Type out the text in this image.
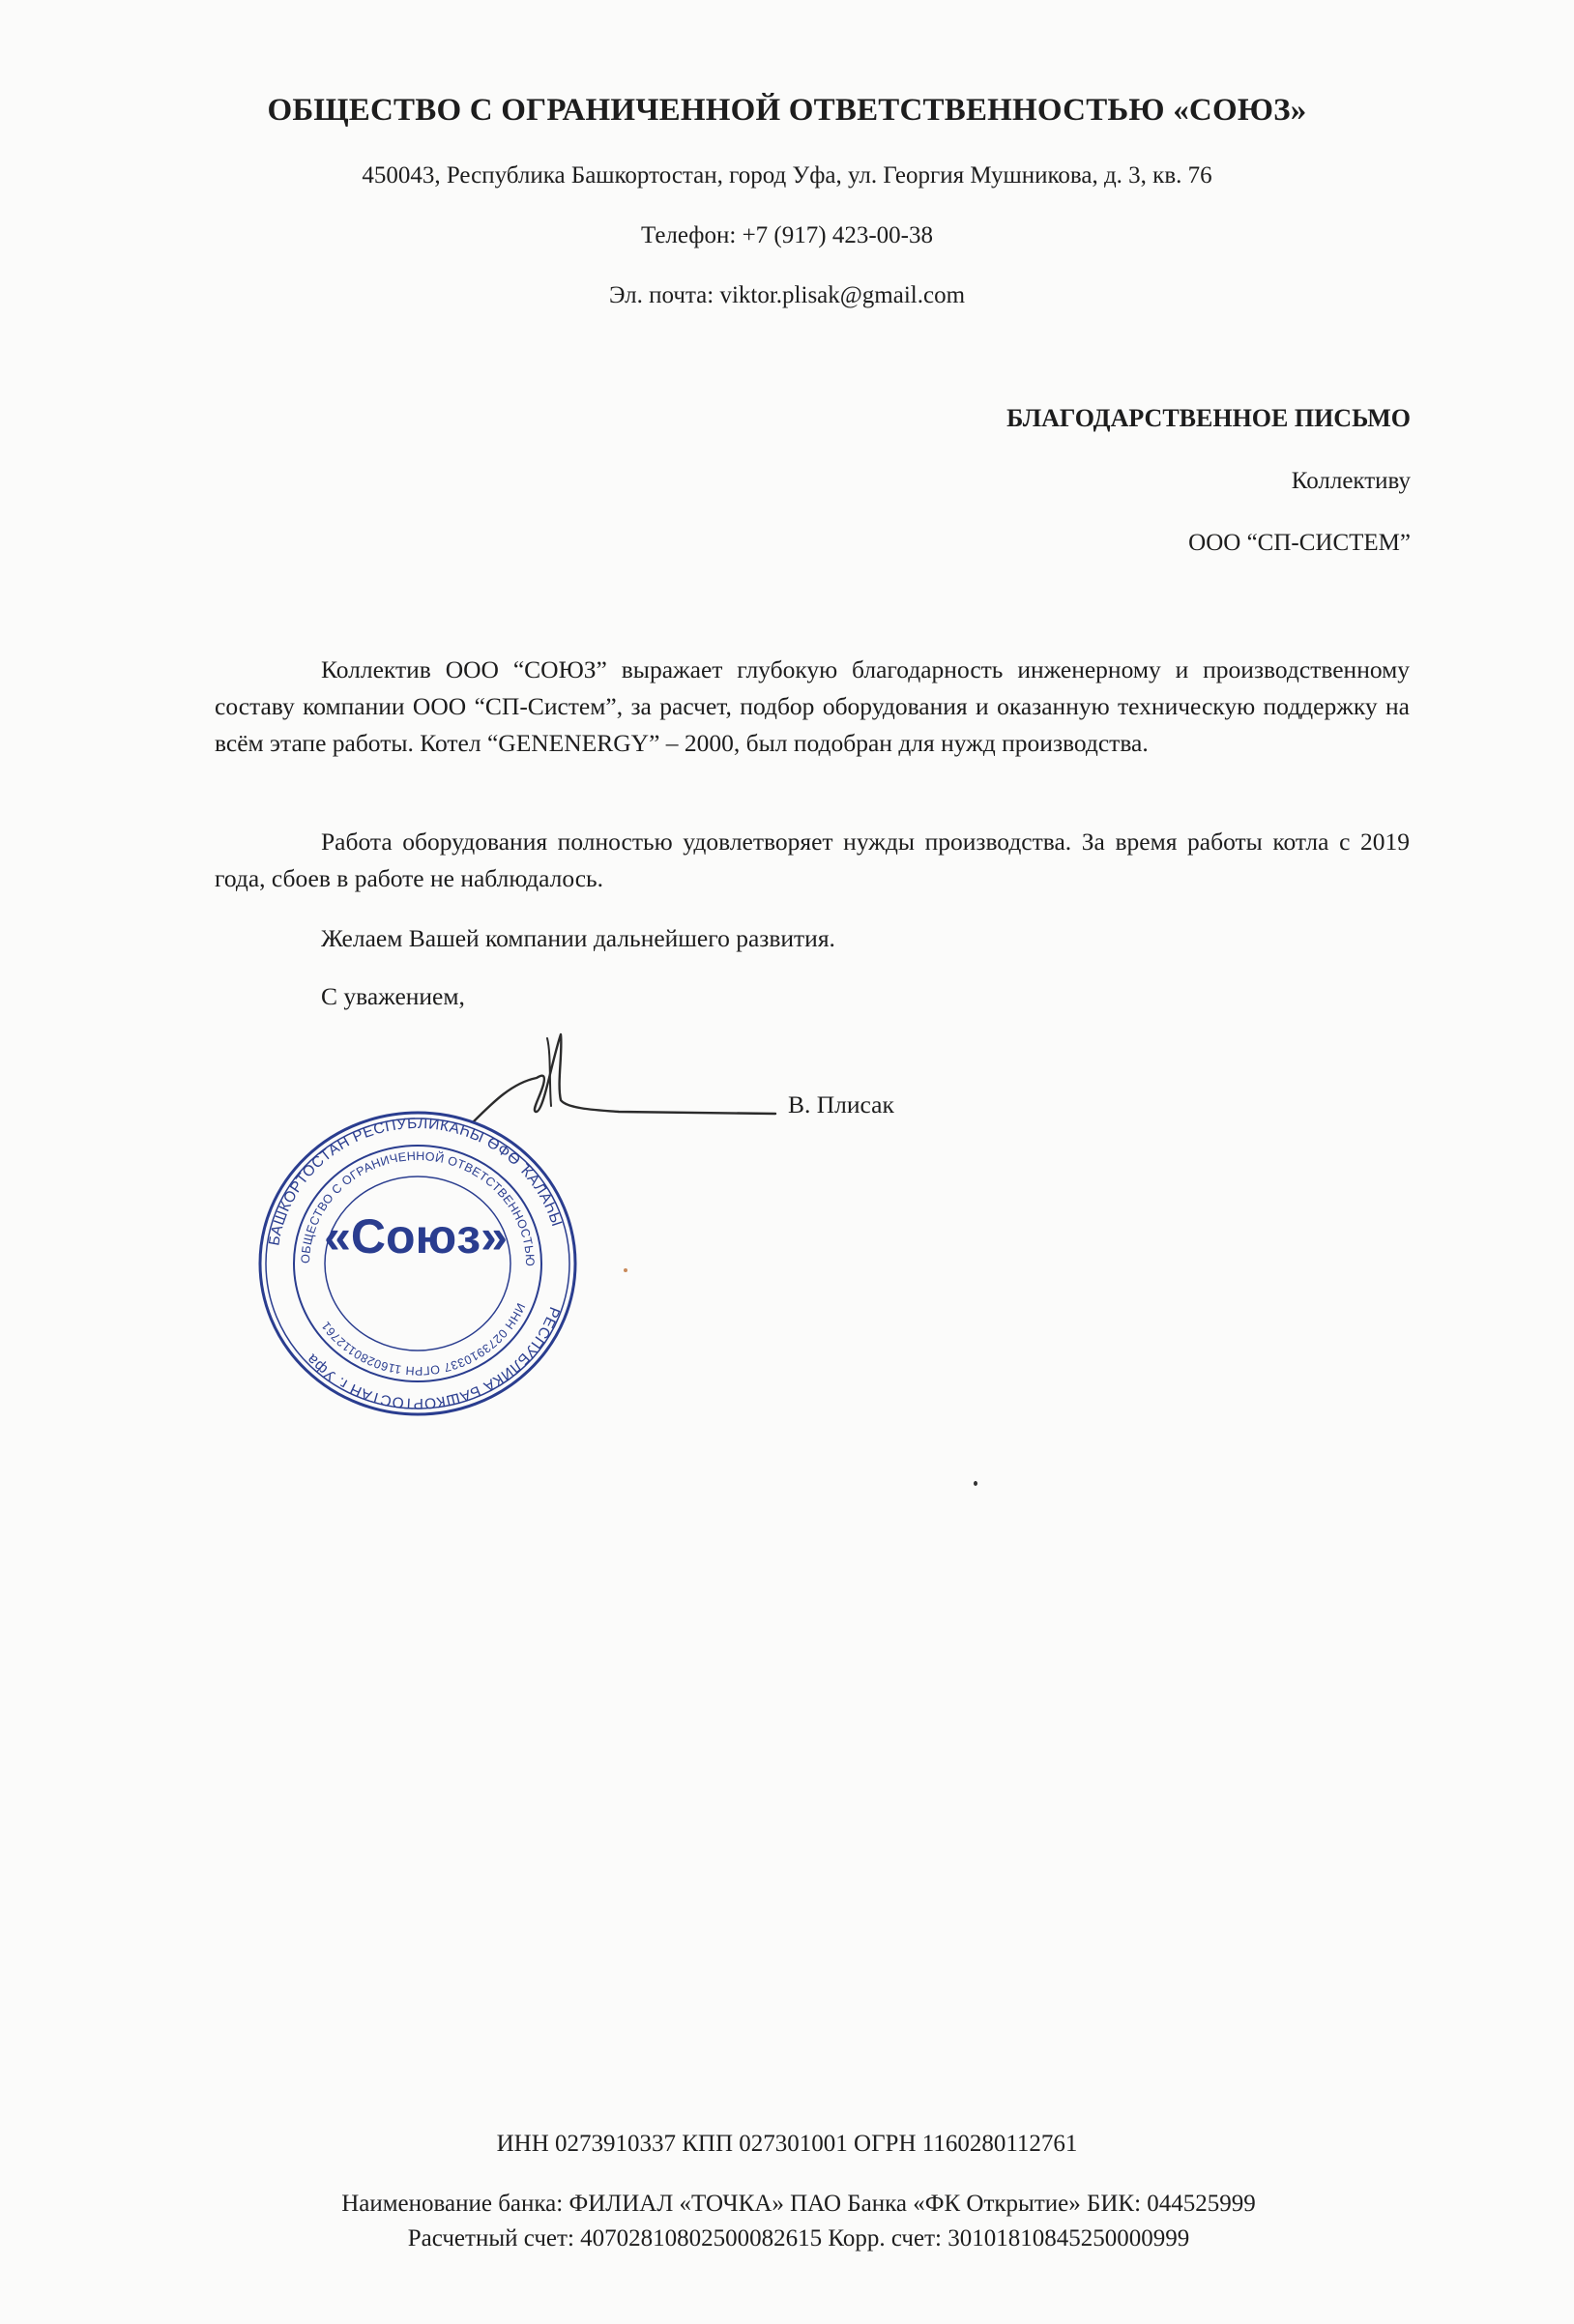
ОБЩЕСТВО С ОГРАНИЧЕННОЙ ОТВЕТСТВЕННОСТЬЮ «СОЮЗ»
450043, Республика Башкортостан, город Уфа, ул. Георгия Мушникова, д. 3, кв. 76
Телефон: +7 (917) 423-00-38
Эл. почта: viktor.plisak@gmail.com
БЛАГОДАРСТВЕННОЕ ПИСЬМО
Коллективу
ООО “СП-СИСТЕМ”

Коллектив ООО “СОЮЗ” выражает глубокую благодарность инженерному и производственному составу компании ООО “СП-Систем”, за расчет, подбор оборудования и оказанную техническую поддержку на всём этапе работы. Котел “GENENERGY” – 2000, был подобран для нужд производства.

Работа оборудования полностью удовлетворяет нужды производства. За время работы котла с 2019 года, сбоев в работе не наблюдалось.

Желаем Вашей компании дальнейшего развития.

С уважением,

В. Плисак
БАШКОРТОСТАН РЕСПУБЛИКАҺЫ ӨФӨ ҠАЛАҺЫ
РЕСПУБЛИКА БАШКОРТОСТАН г. Уфа
ОБЩЕСТВО С ОГРАНИЧЕННОЙ ОТВЕТСТВЕННОСТЬЮ
ИНН 0273910337 ОГРН 1160280112761
«Союз»
ИНН 0273910337 КПП 027301001 ОГРН 1160280112761
Наименование банка: ФИЛИАЛ «ТОЧКА» ПАО Банка «ФК Открытие» БИК: 044525999
Расчетный счет: 40702810802500082615 Корр. счет: 30101810845250000999
